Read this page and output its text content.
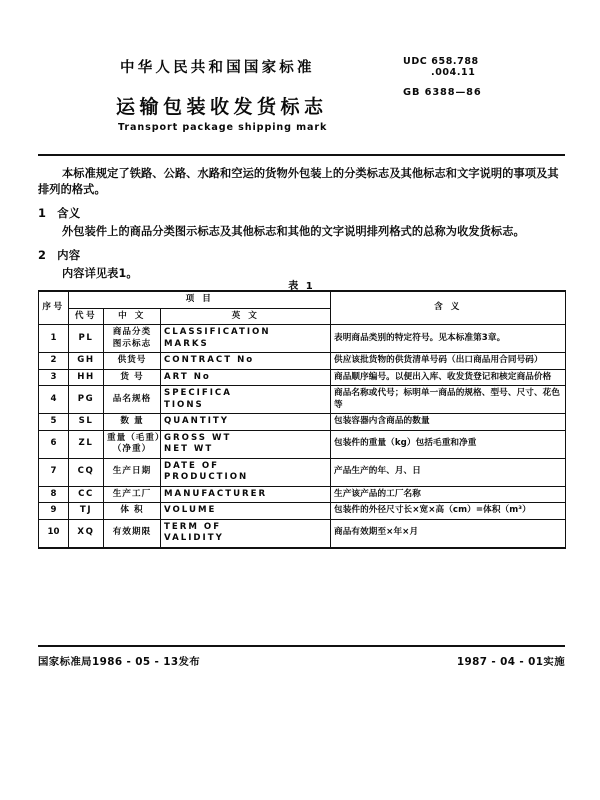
中华人民共和国国家标准
运输包装收发货标志
Transport package shipping mark
UDC 658.788
.004.11
GB 6388—86

本标准规定了铁路、公路、水路和空运的货物外包装上的分类标志及其他标志和文字说明的事项及其排列的格式。

1 含义

外包装件上的商品分类图示标志及其他标志和其他的文字说明排列格式的总称为收发货标志。

2 内容

内容详见表1。

表 1
序号	项 目			含 义
	代号	中 文	英 文	
1	PL	商品分类
图示标志	CLASSIFICATION
MARKS	表明商品类别的特定符号。见本标准第3章。
2	GH	供货号	CONTRACT No	供应该批货物的供货清单号码（出口商品用合同号码）
3	HH	货 号	ART No	商品顺序编号。以便出入库、收发货登记和核定商品价格
4	PG	品名规格	SPECIFICA
TIONS	商品名称或代号；标明单一商品的规格、型号、尺寸、花色等
5	SL	数 量	QUANTITY	包装容器内含商品的数量
6	ZL	重量（毛重）
（净重）	GROSS WT
NET WT	包装件的重量（kg）包括毛重和净重
7	CQ	生产日期	DATE OF
PRODUCTION	产品生产的年、月、日
8	CC	生产工厂	MANUFACTURER	生产该产品的工厂名称
9	TJ	体 积	VOLUME	包装件的外径尺寸长×宽×高（cm）=体积（m³）
10	XQ	有效期限	TERM OF
VALIDITY	商品有效期至×年×月
国家标准局1986 - 05 - 13发布	1987 - 04 - 01实施
